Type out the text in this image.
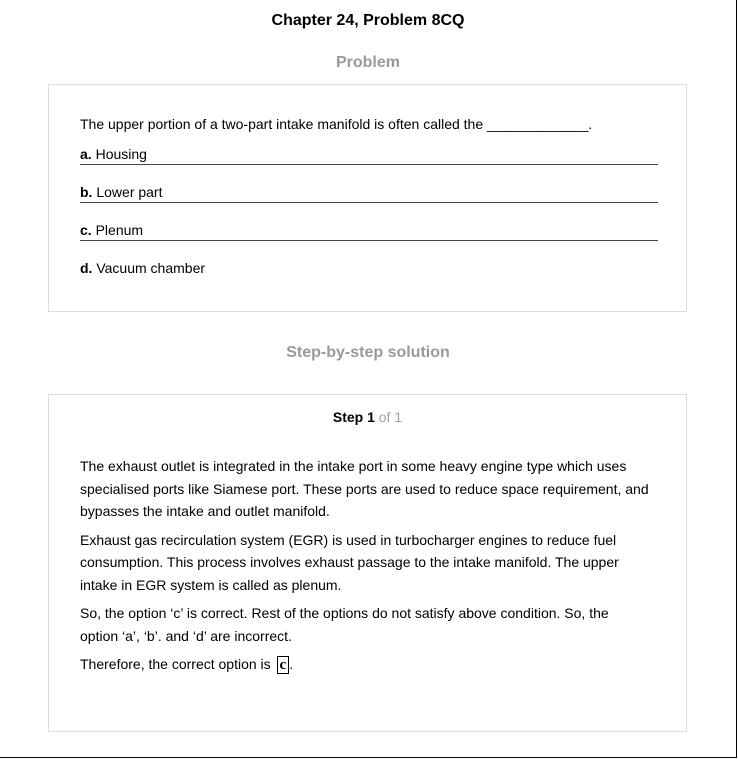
Chapter 24, Problem 8CQ
Problem
The upper portion of a two-part intake manifold is often called the _____________.
a. Housing
b. Lower part
c. Plenum
d. Vacuum chamber
Step-by-step solution
Step 1 of 1

The exhaust outlet is integrated in the intake port in some heavy engine type which uses specialised ports like Siamese port. These ports are used to reduce space requirement, and bypasses the intake and outlet manifold.

Exhaust gas recirculation system (EGR) is used in turbocharger engines to reduce fuel consumption. This process involves exhaust passage to the intake manifold. The upper intake in EGR system is called as plenum.

So, the option ‘c’ is correct. Rest of the options do not satisfy above condition. So, the option ‘a’, ‘b’. and ‘d’ are incorrect.

Therefore, the correct option is c .
